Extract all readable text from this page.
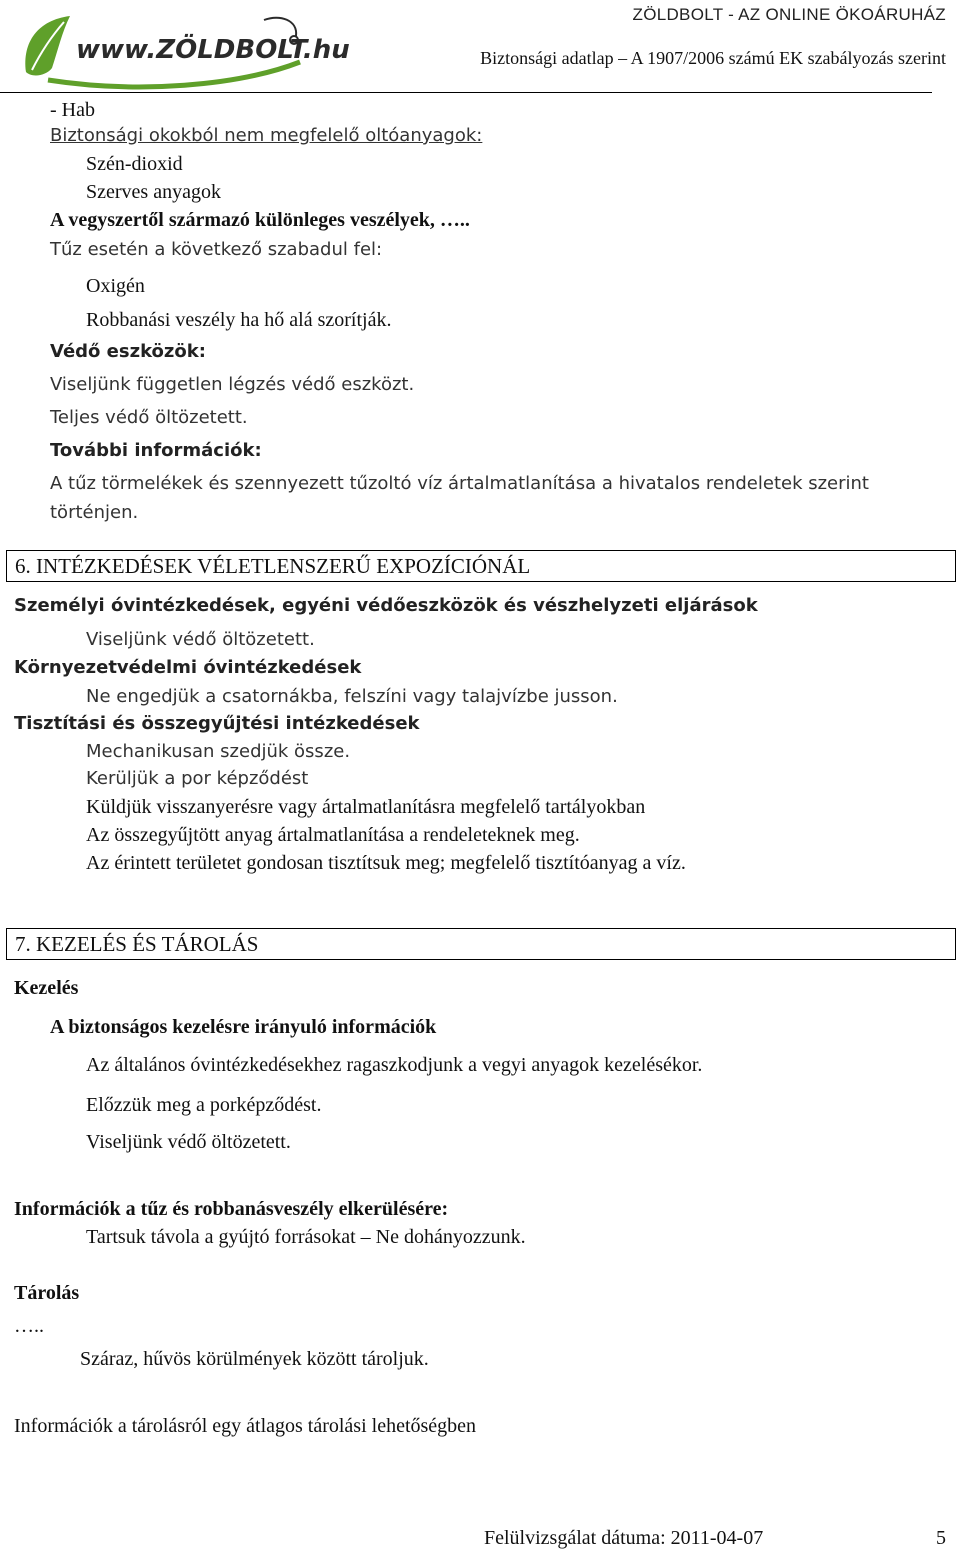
www.ZÖLDBOLT.hu
ZÖLDBOLT - AZ ONLINE ÖKOÁRUHÁZ
Biztonsági adatlap – A 1907/2006 számú EK szabályozás szerint
- Hab
Biztonsági okokból nem megfelelő oltóanyagok:
Szén-dioxid
Szerves anyagok
A vegyszertől származó különleges veszélyek, …..
Tűz esetén a következő szabadul fel:
Oxigén
Robbanási veszély ha hő alá szorítják.
Védő eszközök:
Viseljünk független légzés védő eszközt.
Teljes védő öltözetett.
További információk:
A tűz törmelékek és szennyezett tűzoltó víz ártalmatlanítása a hivatalos rendeletek szerint
történjen.
6. INTÉZKEDÉSEK VÉLETLENSZERŰ EXPOZÍCIÓNÁL
Személyi óvintézkedések, egyéni védőeszközök és vészhelyzeti eljárások
Viseljünk védő öltözetett.
Környezetvédelmi óvintézkedések
Ne engedjük a csatornákba, felszíni vagy talajvízbe jusson.
Tisztítási és összegyűjtési intézkedések
Mechanikusan szedjük össze.
Kerüljük a por képződést
Küldjük visszanyerésre vagy ártalmatlanításra megfelelő tartályokban
Az összegyűjtött anyag ártalmatlanítása a rendeleteknek meg.
Az érintett területet gondosan tisztítsuk meg; megfelelő tisztítóanyag a víz.
7. KEZELÉS ÉS TÁROLÁS
Kezelés
A biztonságos kezelésre irányuló információk
Az általános óvintézkedésekhez ragaszkodjunk a vegyi anyagok kezelésékor.
Előzzük meg a porképződést.
Viseljünk védő öltözetett.
Információk a tűz és robbanásveszély elkerülésére:
Tartsuk távola a gyújtó forrásokat – Ne dohányozzunk.
Tárolás
…..
Száraz, hűvös körülmények között tároljuk.
Információk a tárolásról egy átlagos tárolási lehetőségben
Felülvizsgálat dátuma: 2011-04-07	5
